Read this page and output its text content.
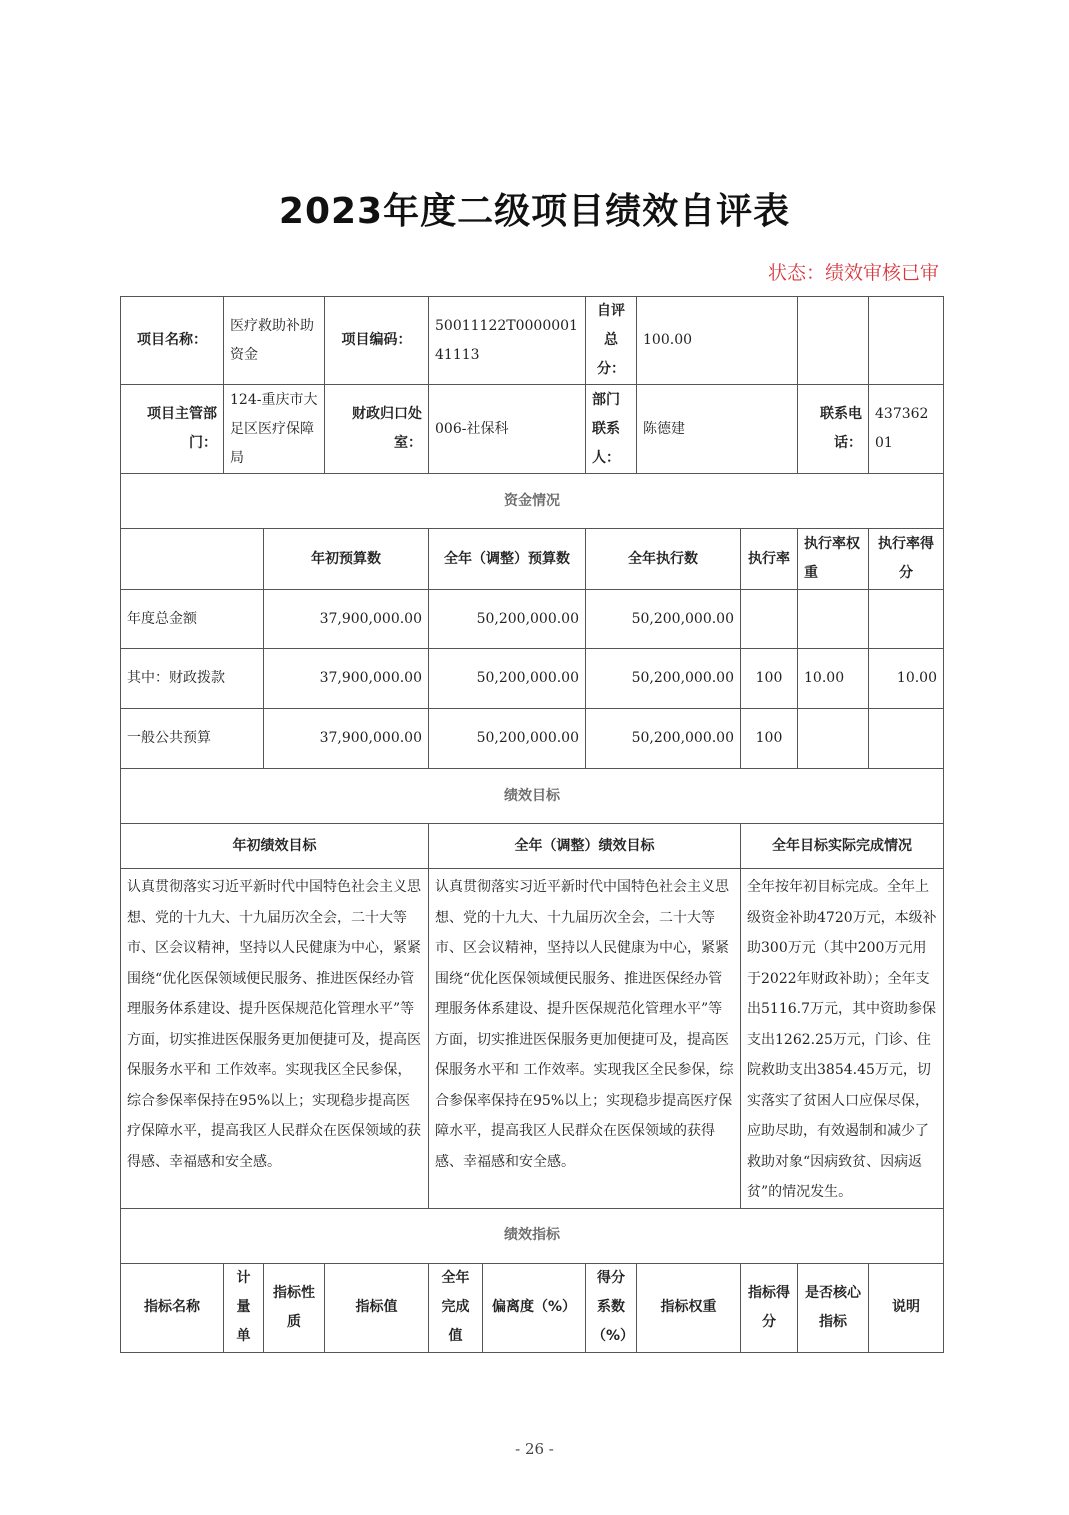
2023年度二级项目绩效自评表
状态：绩效审核已审
项目名称：	医疗救助补助资金		项目编码：	50011122T000000141113		自评总分：	100.00			
项目主管部门：	124-重庆市大足区医疗保障局		财政归口处室：	006-社保科		部门联系人：	陈德建		联系电话：	43736201
资金情况										
		年初预算数		全年（调整）预算数		全年执行数		执行率	执行率权重	执行率得分
年度总金额		37,900,000.00		50,200,000.00		50,200,000.00				
其中：财政拨款		37,900,000.00		50,200,000.00		50,200,000.00		100	10.00	10.00
一般公共预算		37,900,000.00		50,200,000.00		50,200,000.00		100		
绩效目标										
年初绩效目标				全年（调整）绩效目标				全年目标实际完成情况		
认真贯彻落实习近平新时代中国特色社会主义思想、党的十九大、十九届历次全会，二十大等市、区会议精神，坚持以人民健康为中心，紧紧围绕“优化医保领域便民服务、推进医保经办管理服务体系建设、提升医保规范化管理水平”等方面，切实推进医保服务更加便捷可及，提高医保服务水平和 工作效率。实现我区全民参保，综合参保率保持在95%以上；实现稳步提高医疗保障水平，提高我区人民群众在医保领域的获得感、幸福感和安全感。				认真贯彻落实习近平新时代中国特色社会主义思想、党的十九大、十九届历次全会，二十大等市、区会议精神，坚持以人民健康为中心，紧紧围绕“优化医保领域便民服务、推进医保经办管理服务体系建设、提升医保规范化管理水平”等方面，切实推进医保服务更加便捷可及，提高医保服务水平和 工作效率。实现我区全民参保，综合参保率保持在95%以上；实现稳步提高医疗保障水平，提高我区人民群众在医保领域的获得感、幸福感和安全感。				全年按年初目标完成。全年上级资金补助4720万元，本级补助300万元（其中200万元用于2022年财政补助）；全年支出5116.7万元，其中资助参保支出1262.25万元，门诊、住院救助支出3854.45万元，切实落实了贫困人口应保尽保，应助尽助，有效遏制和减少了救助对象“因病致贫、因病返贫”的情况发生。		
绩效指标										
指标名称	计量单	指标性质	指标值	全年完成值	偏离度（%）	得分系数（%）	指标权重	指标得分	是否核心指标	说明
- 26 -
